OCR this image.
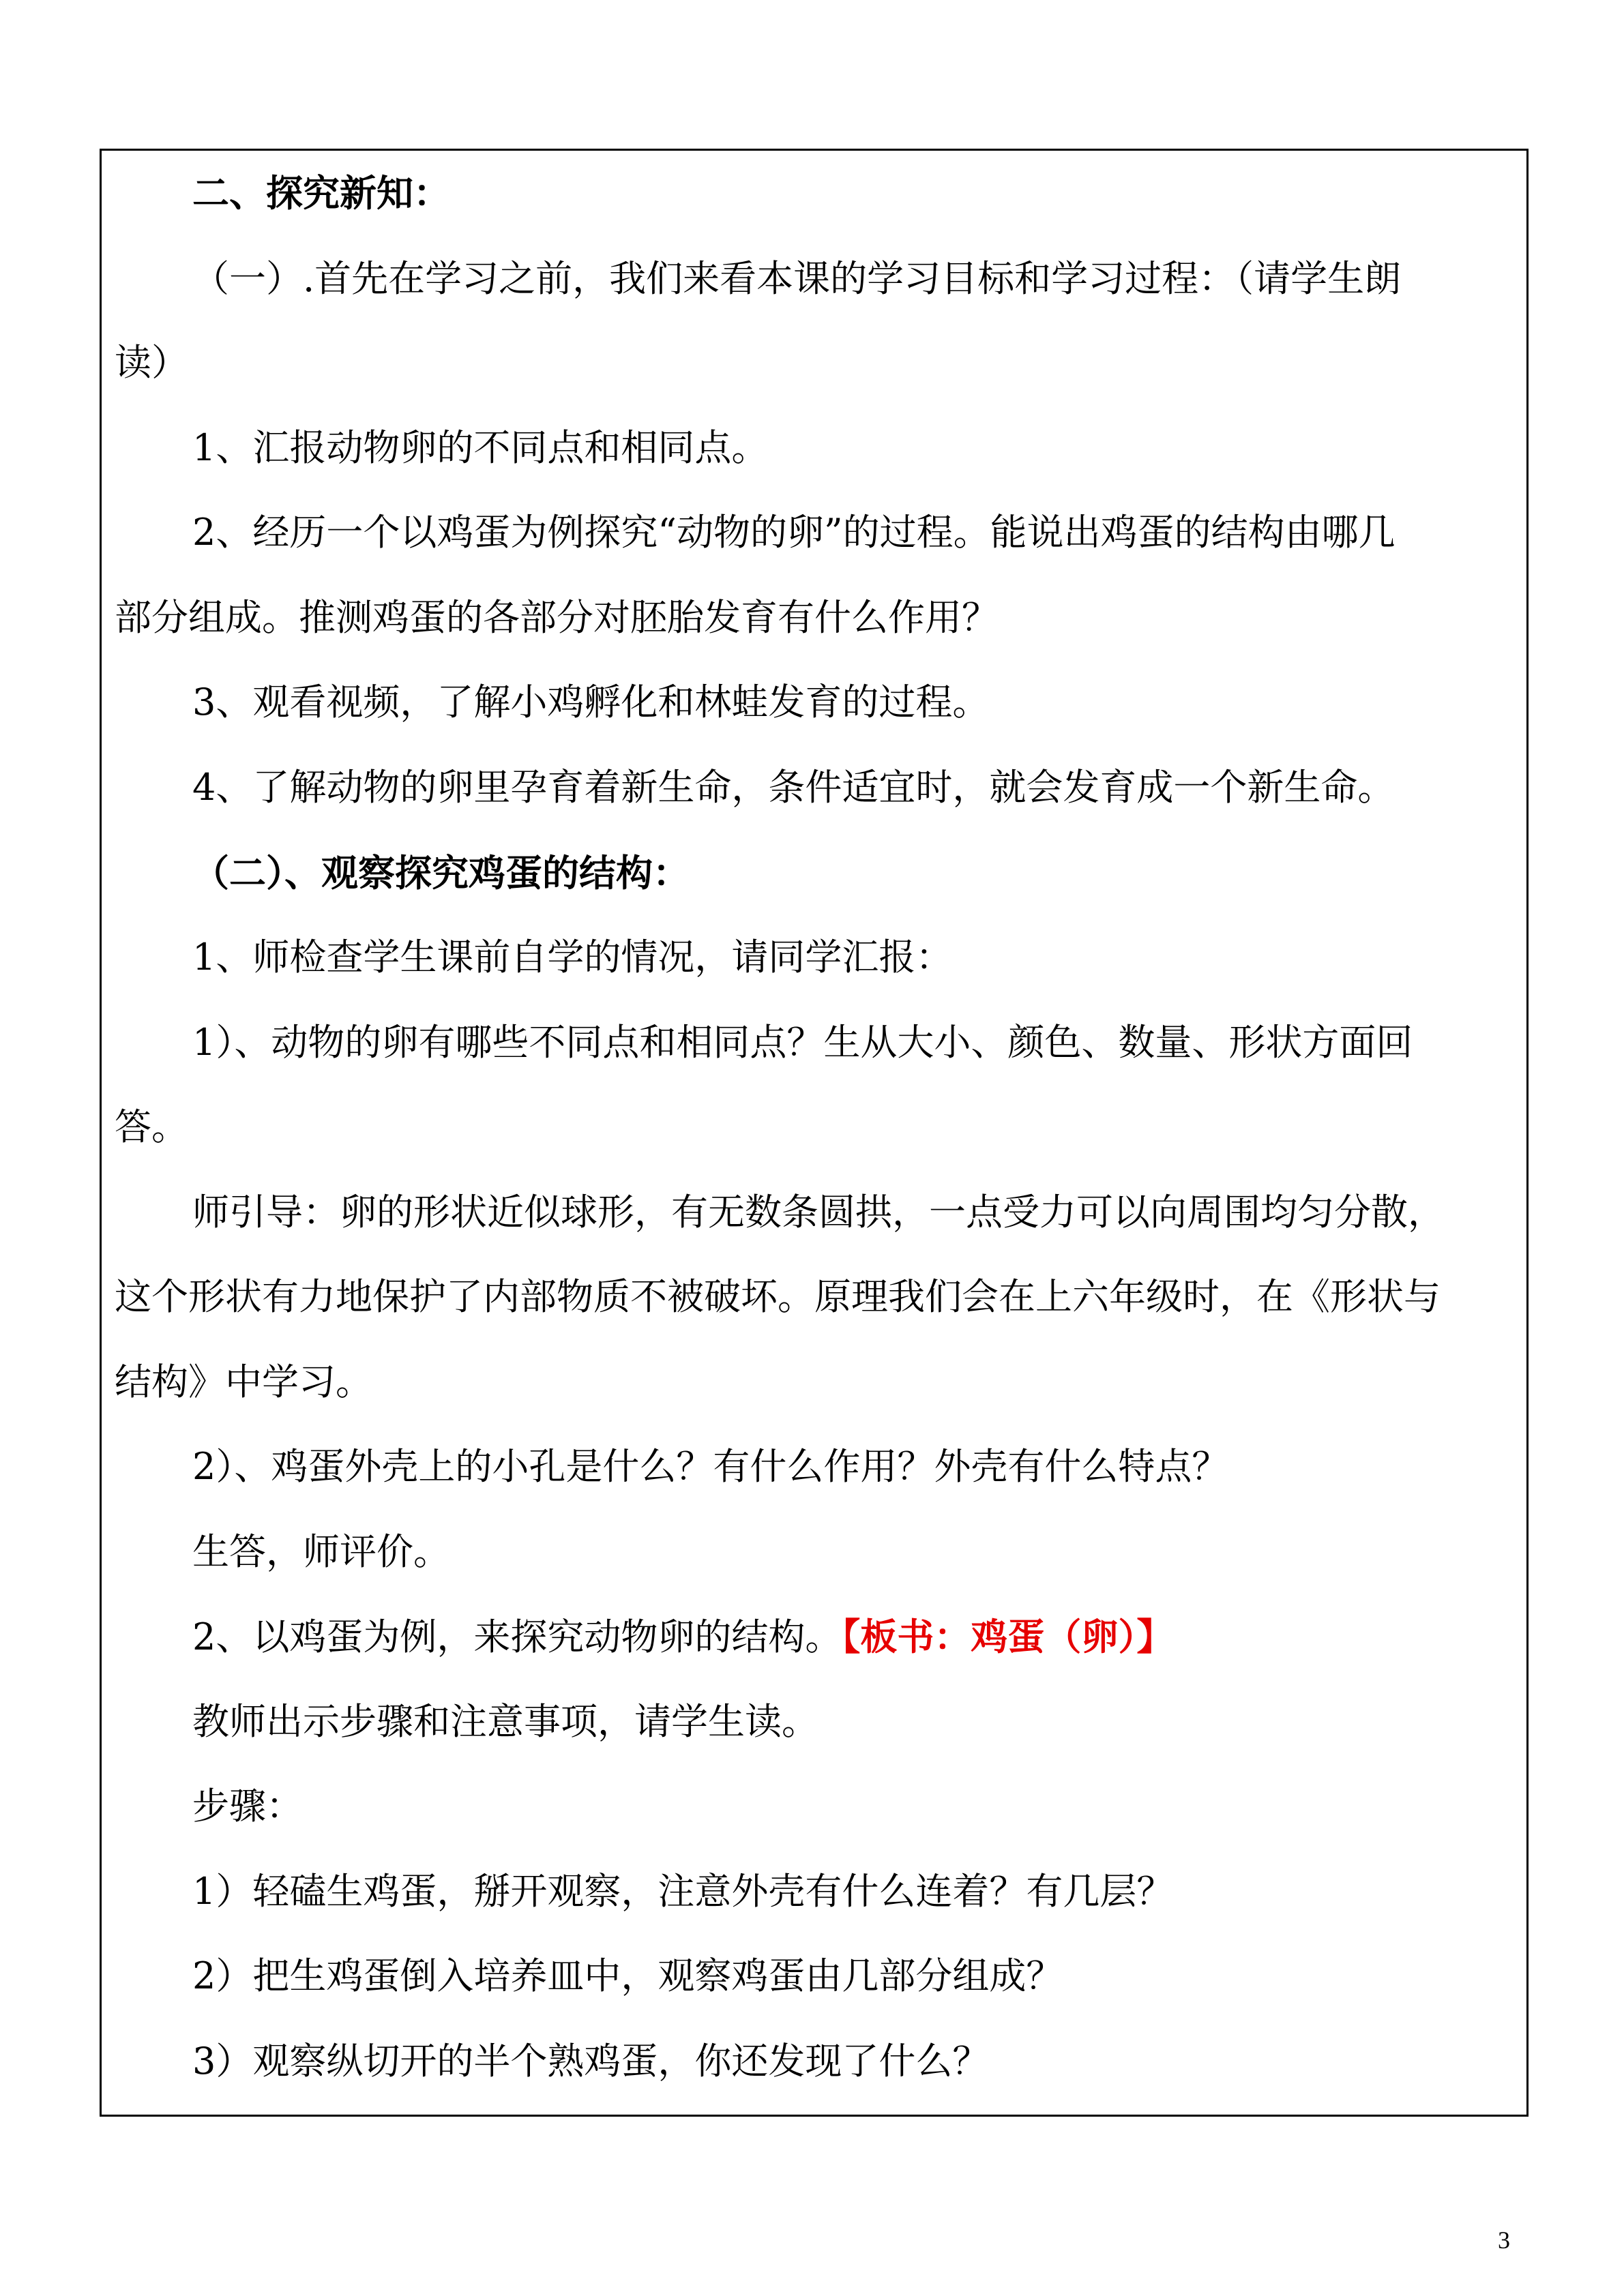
二、探究新知：
（一）.首先在学习之前，我们来看本课的学习目标和学习过程：（请学生朗
读）
1、汇报动物卵的不同点和相同点。
2、经历一个以鸡蛋为例探究“动物的卵”的过程。能说出鸡蛋的结构由哪几
部分组成。推测鸡蛋的各部分对胚胎发育有什么作用？
3、观看视频，了解小鸡孵化和林蛙发育的过程。
4、了解动物的卵里孕育着新生命，条件适宜时，就会发育成一个新生命。
（二）、观察探究鸡蛋的结构：
1、师检查学生课前自学的情况，请同学汇报：
1）、动物的卵有哪些不同点和相同点？生从大小、颜色、数量、形状方面回
答。
师引导：卵的形状近似球形，有无数条圆拱，一点受力可以向周围均匀分散，
这个形状有力地保护了内部物质不被破坏。原理我们会在上六年级时，在《形状与
结构》中学习。
2）、鸡蛋外壳上的小孔是什么？有什么作用？外壳有什么特点？
生答，师评价。
2、以鸡蛋为例，来探究动物卵的结构。【板书：鸡蛋（卵）】
教师出示步骤和注意事项，请学生读。
步骤：
1）轻磕生鸡蛋，掰开观察，注意外壳有什么连着？有几层？
2）把生鸡蛋倒入培养皿中，观察鸡蛋由几部分组成？
3）观察纵切开的半个熟鸡蛋，你还发现了什么？
3
